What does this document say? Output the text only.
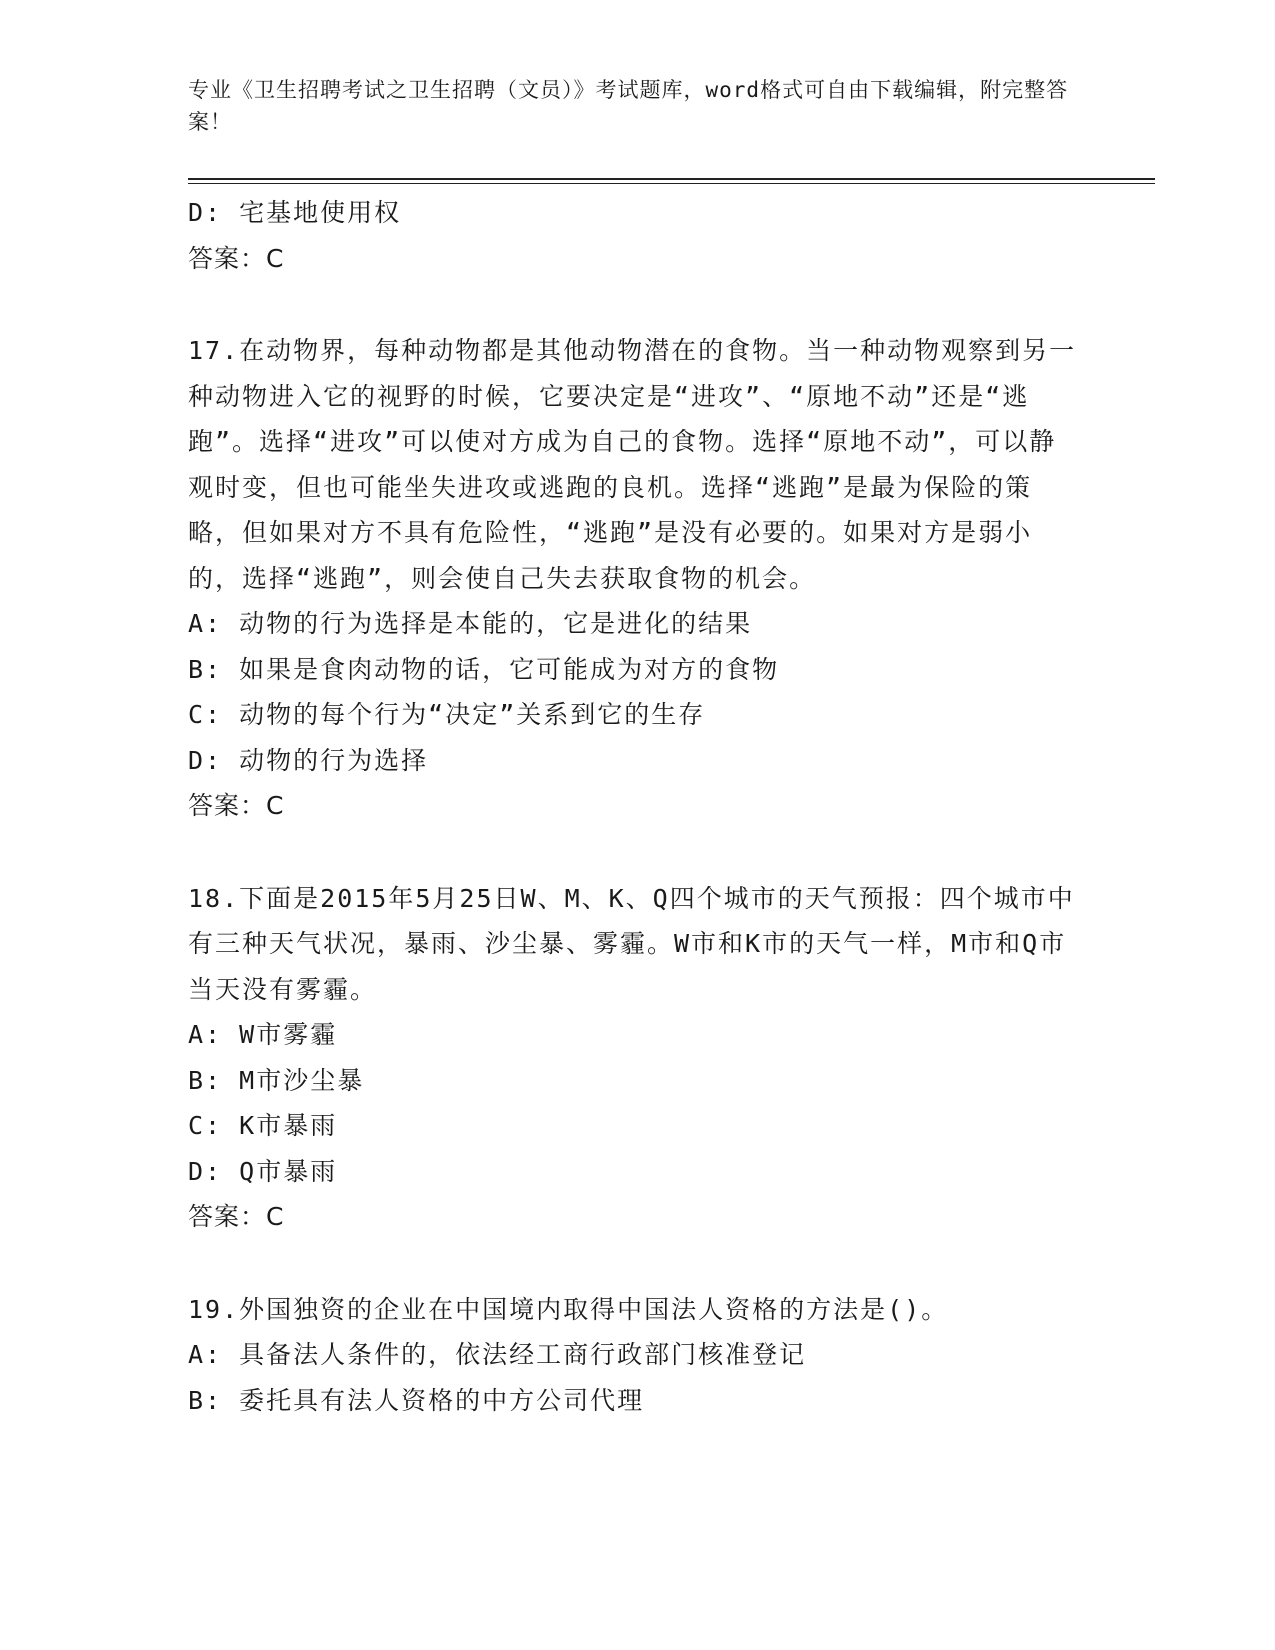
专业《卫生招聘考试之卫生招聘（文员）》考试题库，word格式可自由下载编辑，附完整答案！
D: 宅基地使用权
答案：C
17.在动物界，每种动物都是其他动物潜在的食物。当一种动物观察到另一种动物进入它的视野的时候，它要决定是“进攻”、“原地不动”还是“逃跑”。选择“进攻”可以使对方成为自己的食物。选择“原地不动”，可以静观时变，但也可能坐失进攻或逃跑的良机。选择“逃跑”是最为保险的策略，但如果对方不具有危险性，“逃跑”是没有必要的。如果对方是弱小的，选择“逃跑”，则会使自己失去获取食物的机会。
A: 动物的行为选择是本能的，它是进化的结果
B: 如果是食肉动物的话，它可能成为对方的食物
C: 动物的每个行为“决定”关系到它的生存
D: 动物的行为选择
答案：C
18.下面是2015年5月25日W、M、K、Q四个城市的天气预报：四个城市中有三种天气状况，暴雨、沙尘暴、雾霾。W市和K市的天气一样，M市和Q市当天没有雾霾。
A: W市雾霾
B: M市沙尘暴
C: K市暴雨
D: Q市暴雨
答案：C
19.外国独资的企业在中国境内取得中国法人资格的方法是()。
A: 具备法人条件的，依法经工商行政部门核准登记
B: 委托具有法人资格的中方公司代理
